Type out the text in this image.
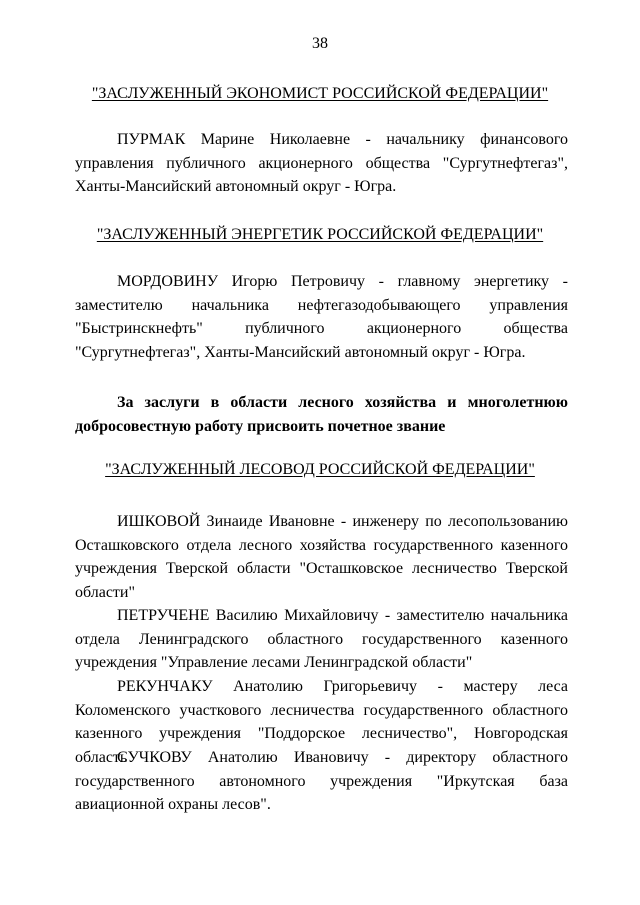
38
"ЗАСЛУЖЕННЫЙ ЭКОНОМИСТ РОССИЙСКОЙ ФЕДЕРАЦИИ"
ПУРМАК Марине Николаевне - начальнику финансового управления публичного акционерного общества "Сургутнефтегаз", Ханты-Мансийский автономный округ - Югра.
"ЗАСЛУЖЕННЫЙ ЭНЕРГЕТИК РОССИЙСКОЙ ФЕДЕРАЦИИ"
МОРДОВИНУ Игорю Петровичу - главному энергетику - заместителю начальника нефтегазодобывающего управления "Быстринскнефть" публичного акционерного общества "Сургутнефтегаз", Ханты-Мансийский автономный округ - Югра.
За заслуги в области лесного хозяйства и многолетнюю добросовестную работу присвоить почетное звание
"ЗАСЛУЖЕННЫЙ ЛЕСОВОД РОССИЙСКОЙ ФЕДЕРАЦИИ"
ИШКОВОЙ Зинаиде Ивановне - инженеру по лесопользованию Осташковского отдела лесного хозяйства государственного казенного учреждения Тверской области "Осташковское лесничество Тверской области"
ПЕТРУЧЕНЕ Василию Михайловичу - заместителю начальника отдела Ленинградского областного государственного казенного учреждения "Управление лесами Ленинградской области"
РЕКУНЧАКУ Анатолию Григорьевичу - мастеру леса Коломенского участкового лесничества государственного областного казенного учреждения "Поддорское лесничество", Новгородская область
СУЧКОВУ Анатолию Ивановичу - директору областного государственного автономного учреждения "Иркутская база авиационной охраны лесов".
